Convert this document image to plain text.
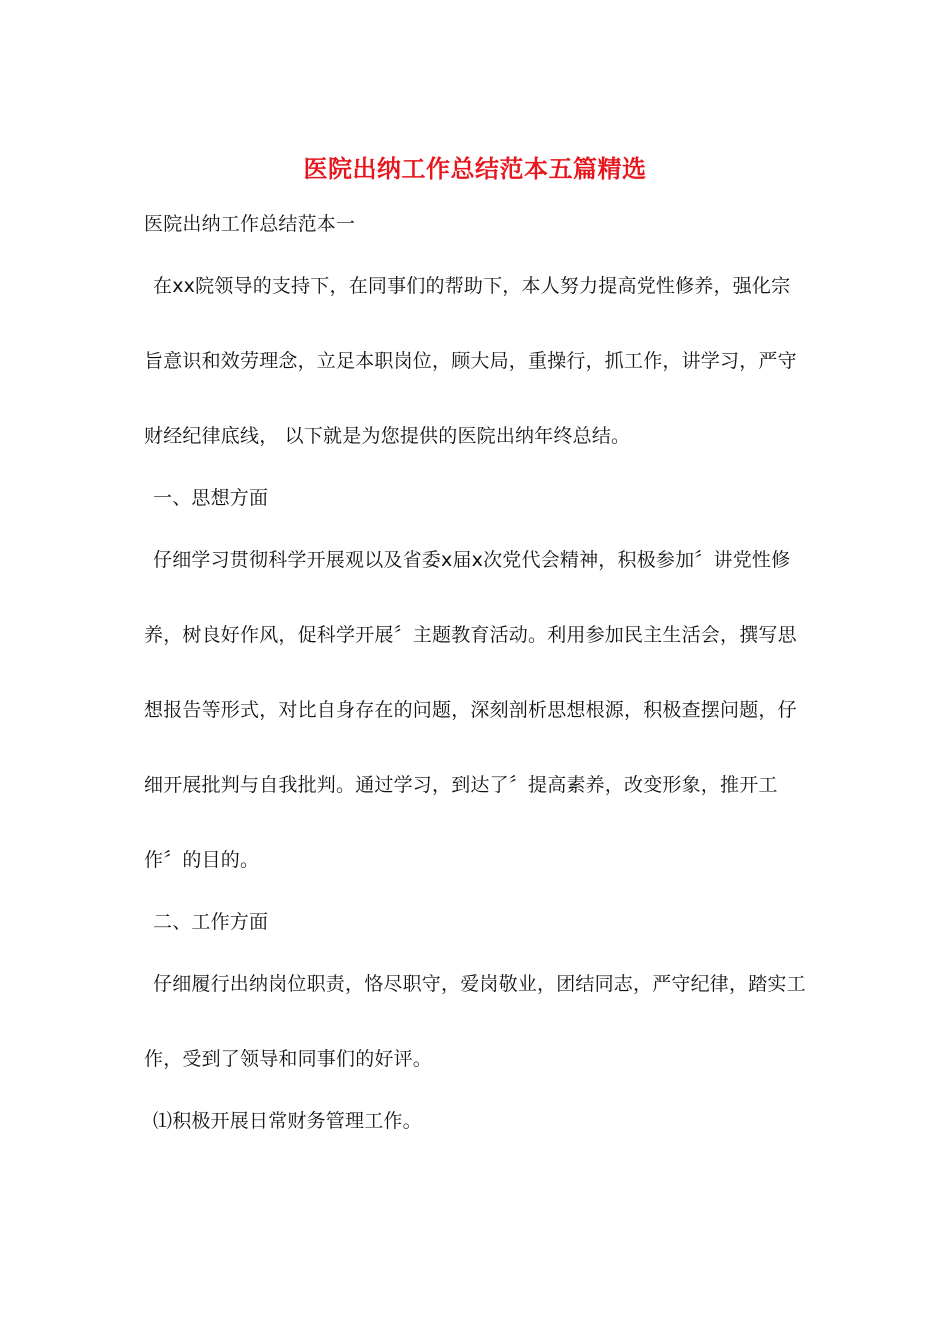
医院出纳工作总结范本五篇精选
医院出纳工作总结范本一
在xx院领导的支持下，在同事们的帮助下，本人努力提高党性修养，强化宗
旨意识和效劳理念，立足本职岗位，顾大局，重操行，抓工作，讲学习，严守
财经纪律底线， 以下就是为您提供的医院出纳年终总结。
一、思想方面
仔细学习贯彻科学开展观以及省委x届x次党代会精神，积极参加〞讲党性修
养，树良好作风，促科学开展〞主题教育活动。利用参加民主生活会，撰写思
想报告等形式，对比自身存在的问题，深刻剖析思想根源，积极查摆问题，仔
细开展批判与自我批判。通过学习，到达了〞提高素养，改变形象，推开工
作〞的目的。
二、工作方面
仔细履行出纳岗位职责，恪尽职守，爱岗敬业，团结同志，严守纪律，踏实工
作，受到了领导和同事们的好评。
⑴积极开展日常财务管理工作。
